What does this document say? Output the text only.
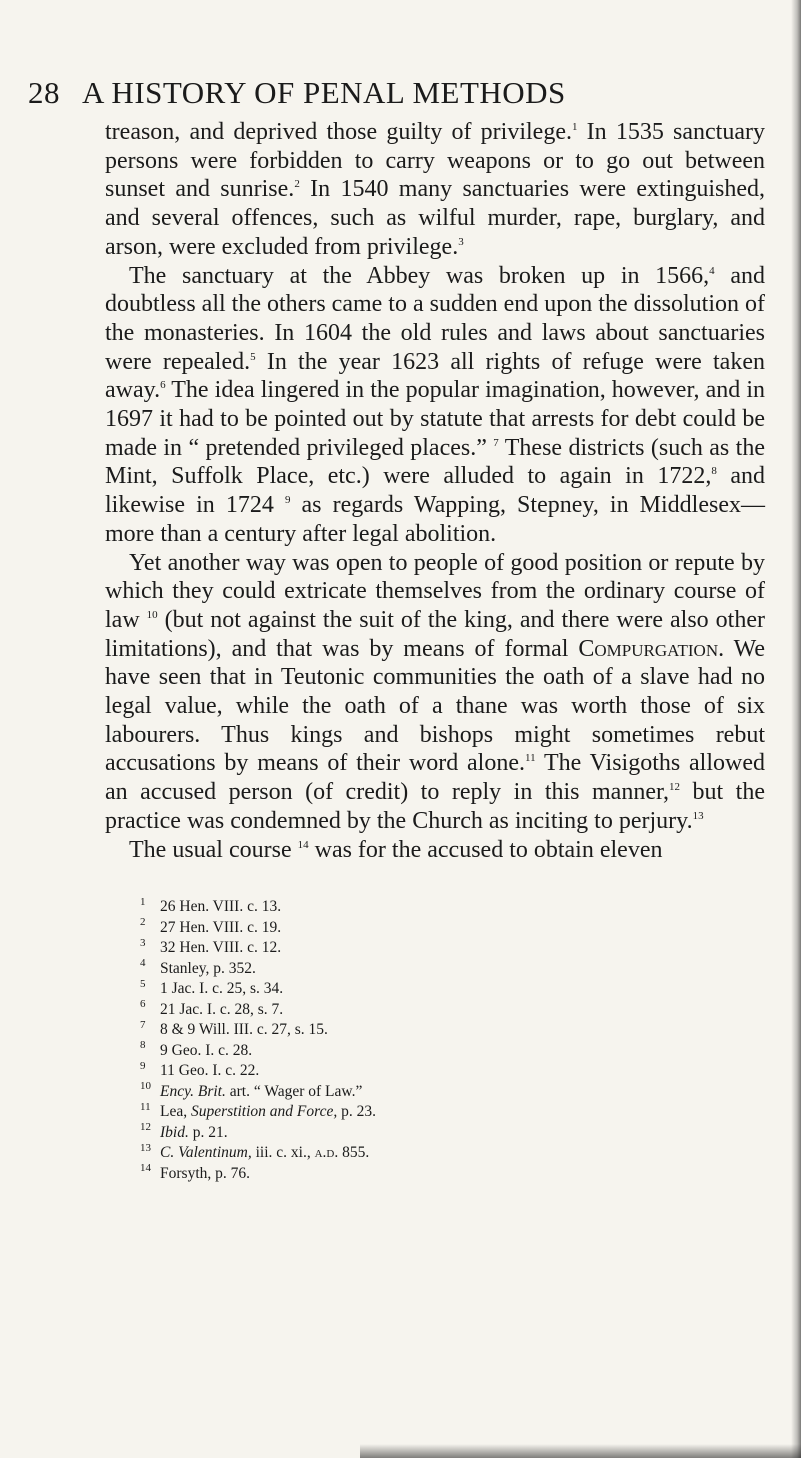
28 A HISTORY OF PENAL METHODS

treason, and deprived those guilty of privilege.$^1$ In 1535 sanctuary persons were forbidden to carry weapons or to go out between sunset and sunrise.$^2$ In 1540 many sanctuaries were extinguished, and several offences, such as wilful murder, rape, burglary, and arson, were excluded from privilege.$^3$

The sanctuary at the Abbey was broken up in 1566,$^4$ and doubtless all the others came to a sudden end upon the dissolution of the monasteries. In 1604 the old rules and laws about sanctuaries were repealed.$^5$ In the year 1623 all rights of refuge were taken away.$^6$ The idea lingered in the popular imagination, however, and in 1697 it had to be pointed out by statute that arrests for debt could be made in “ pretended privileged places.” $^7$ These districts (such as the Mint, Suffolk Place, etc.) were alluded to again in 1722,$^8$ and likewise in 1724 $^9$ as regards Wapping, Stepney, in Middlesex—more than a century after legal abolition.

Yet another way was open to people of good position or repute by which they could extricate themselves from the ordinary course of law $^{10}$ (but not against the suit of the king, and there were also other limitations), and that was by means of formal Compurgation. We have seen that in Teutonic communities the oath of a slave had no legal value, while the oath of a thane was worth those of six labourers. Thus kings and bishops might sometimes rebut accusations by means of their word alone.$^{11}$ The Visigoths allowed an accused person (of credit) to reply in this manner,$^{12}$ but the practice was condemned by the Church as inciting to perjury.$^{13}$

The usual course $^{14}$ was for the accused to obtain eleven

1 26 Hen. VIII. c. 13.
2 27 Hen. VIII. c. 19.
3 32 Hen. VIII. c. 12.
4 Stanley, p. 352.
5 1 Jac. I. c. 25, s. 34.
6 21 Jac. I. c. 28, s. 7.
7 8 & 9 Will. III. c. 27, s. 15.
8 9 Geo. I. c. 28.
9 11 Geo. I. c. 22.
10 Ency. Brit. art. “ Wager of Law.”
11 Lea, Superstition and Force, p. 23.
12 Ibid. p. 21.
13 C. Valentinum, iii. c. xi., a.d. 855.
14 Forsyth, p. 76.
